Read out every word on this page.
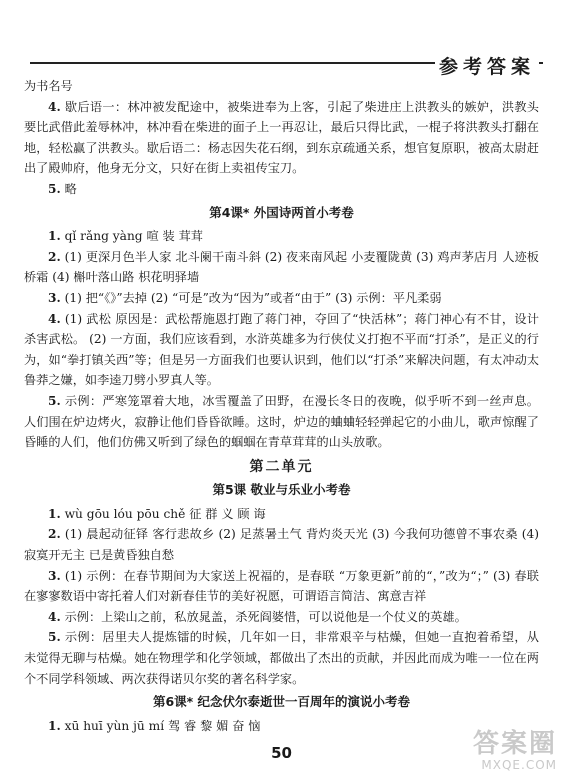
参考答案

为书名号

4. 歇后语一：林冲被发配途中，被柴进奉为上客，引起了柴进庄上洪教头的嫉妒，洪教头要比武借此羞辱林冲，林冲看在柴进的面子上一再忍让，最后只得比武，一棍子将洪教头打翻在地，轻松赢了洪教头。歇后语二：杨志因失花石纲，到东京疏通关系，想官复原职，被高太尉赶出了殿帅府，他身无分文，只好在街上卖祖传宝刀。

5. 略

第4课* 外国诗两首小考卷

1. qǐ rǎng yàng 喧 装 茸茸

2. (1) 更深月色半人家 北斗阑干南斗斜 (2) 夜来南风起 小麦覆陇黄 (3) 鸡声茅店月 人迹板桥霜 (4) 槲叶落山路 枳花明驿墙

3. (1) 把“《》”去掉 (2) “可是”改为“因为”或者“由于” (3) 示例：平凡柔弱

4. (1) 武松 原因是：武松帮施恩打跑了蒋门神，夺回了“快活林”；蒋门神心有不甘，设计杀害武松。 (2) 一方面，我们应该看到，水浒英雄多为行侠仗义打抱不平而“打杀”，是正义的行为，如“拳打镇关西”等；但是另一方面我们也要认识到，他们以“打杀”来解决问题，有太冲动太鲁莽之嫌，如李逵刀劈小罗真人等。

5. 示例：严寒笼罩着大地，冰雪覆盖了田野，在漫长冬日的夜晚，似乎听不到一丝声息。人们围在炉边烤火，寂静让他们昏昏欲睡。这时，炉边的蛐蛐轻轻弹起它的小曲儿，歌声惊醒了昏睡的人们，他们仿佛又听到了绿色的蝈蝈在青草茸茸的山头放歌。

第二单元
第5课 敬业与乐业小考卷

1. wù gōu lóu pōu chě 征 群 义 顾 诲

2. (1) 晨起动征铎 客行悲故乡 (2) 足蒸暑土气 背灼炎天光 (3) 今我何功德曾不事农桑 (4) 寂寞开无主 已是黄昏独自愁

3. (1) 示例：在春节期间为大家送上祝福的，是春联 “万象更新”前的“，”改为“；” (3) 春联在寥寥数语中寄托着人们对新春佳节的美好祝愿，可谓语言简洁、寓意吉祥

4. 示例：上梁山之前，私放晁盖，杀死阎婆惜，可以说他是一个仗义的英雄。

5. 示例：居里夫人提炼镭的时候，几年如一日，非常艰辛与枯燥，但她一直抱着希望，从未觉得无聊与枯燥。她在物理学和化学领域，都做出了杰出的贡献，并因此而成为唯一一位在两个不同学科领域、两次获得诺贝尔奖的著名科学家。

第6课* 纪念伏尔泰逝世一百周年的演说小考卷

1. xū huī yùn jū mí 驾 睿 黎 媚 奋 恼

50	答案圈
MXQE.COM
